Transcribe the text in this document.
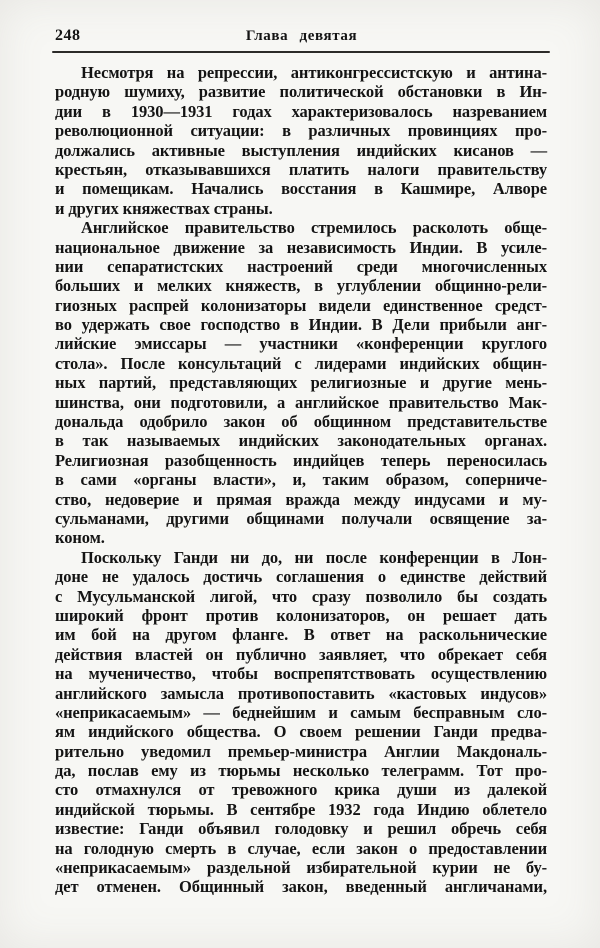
248	Глава девятая
Несмотря на репрессии, антиконгрессистскую и антина-
родную шумиху, развитие политической обстановки в Ин-
дии в 1930—1931 годах характеризовалось назреванием
революционной ситуации: в различных провинциях про-
должались активные выступления индийских кисанов —
крестьян, отказывавшихся платить налоги правительству
и помещикам. Начались восстания в Кашмире, Алворе
и других княжествах страны.
Английское правительство стремилось расколоть обще-
национальное движение за независимость Индии. В усиле-
нии сепаратистских настроений среди многочисленных
больших и мелких княжеств, в углублении общинно-рели-
гиозных распрей колонизаторы видели единственное средст-
во удержать свое господство в Индии. В Дели прибыли анг-
лийские эмиссары — участники «конференции круглого
стола». После консультаций с лидерами индийских общин-
ных партий, представляющих религиозные и другие мень-
шинства, они подготовили, а английское правительство Мак-
дональда одобрило закон об общинном представительстве
в так называемых индийских законодательных органах.
Религиозная разобщенность индийцев теперь переносилась
в сами «органы власти», и, таким образом, соперниче-
ство, недоверие и прямая вражда между индусами и му-
сульманами, другими общинами получали освящение за-
коном.
Поскольку Ганди ни до, ни после конференции в Лон-
доне не удалось достичь соглашения о единстве действий
с Мусульманской лигой, что сразу позволило бы создать
широкий фронт против колонизаторов, он решает дать
им бой на другом фланге. В ответ на раскольнические
действия властей он публично заявляет, что обрекает себя
на мученичество, чтобы воспрепятствовать осуществлению
английского замысла противопоставить «кастовых индусов»
«неприкасаемым» — беднейшим и самым бесправным сло-
ям индийского общества. О своем решении Ганди предва-
рительно уведомил премьер-министра Англии Макдональ-
да, послав ему из тюрьмы несколько телеграмм. Тот про-
сто отмахнулся от тревожного крика души из далекой
индийской тюрьмы. В сентябре 1932 года Индию облетело
известие: Ганди объявил голодовку и решил обречь себя
на голодную смерть в случае, если закон о предоставлении
«неприкасаемым» раздельной избирательной курии не бу-
дет отменен. Общинный закон, введенный англичанами,
